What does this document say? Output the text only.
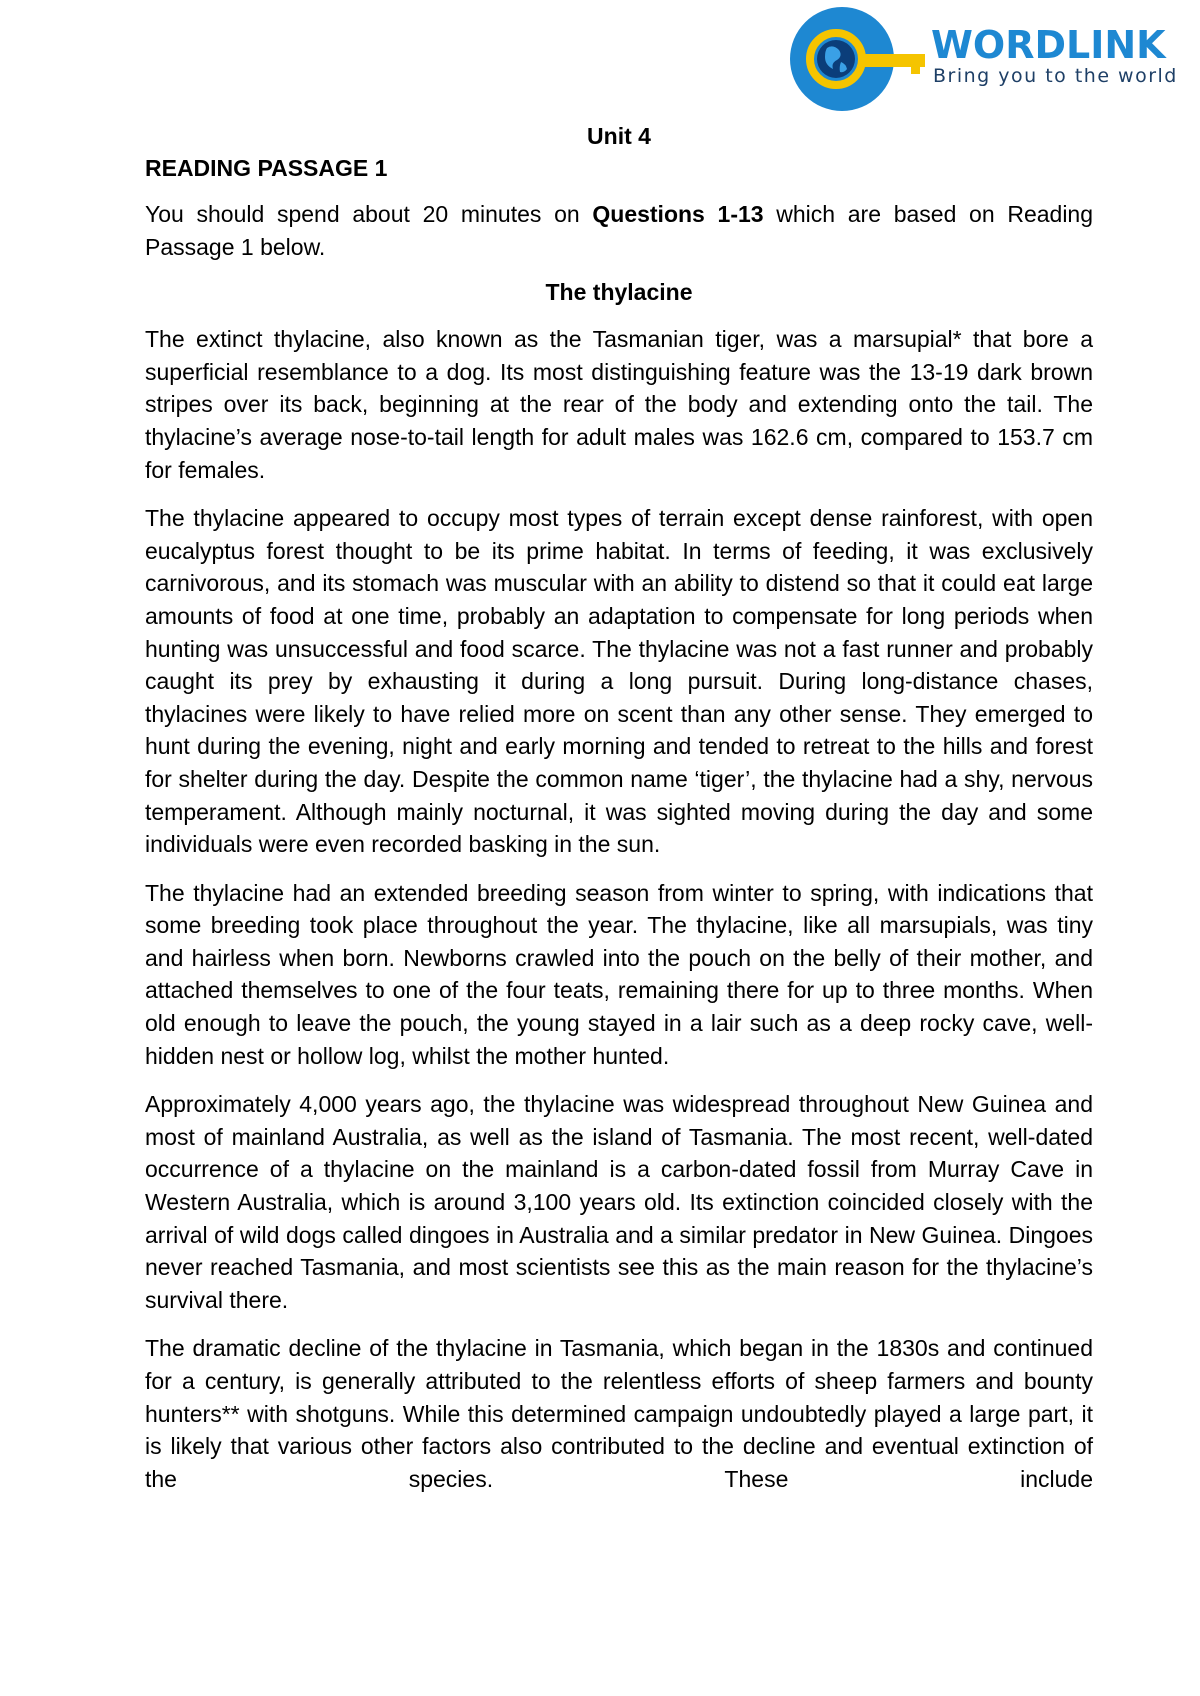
WORDLINK
Bring you to the world
Unit 4
READING PASSAGE 1

You should spend about 20 minutes on Questions 1-13 which are based on Reading Passage 1 below.

The thylacine

The extinct thylacine, also known as the Tasmanian tiger, was a marsupial* that bore a superficial resemblance to a dog. Its most distinguishing feature was the 13-19 dark brown stripes over its back, beginning at the rear of the body and extending onto the tail. The thylacine’s average nose-to-tail length for adult males was 162.6 cm, compared to 153.7 cm for females.

The thylacine appeared to occupy most types of terrain except dense rainforest, with open eucalyptus forest thought to be its prime habitat. In terms of feeding, it was exclusively carnivorous, and its stomach was muscular with an ability to distend so that it could eat large amounts of food at one time, probably an adaptation to compensate for long periods when hunting was unsuccessful and food scarce. The thylacine was not a fast runner and probably caught its prey by exhausting it during a long pursuit. During long-distance chases, thylacines were likely to have relied more on scent than any other sense. They emerged to hunt during the evening, night and early morning and tended to retreat to the hills and forest for shelter during the day. Despite the common name ‘tiger’, the thylacine had a shy, nervous temperament. Although mainly nocturnal, it was sighted moving during the day and some individuals were even recorded basking in the sun.

The thylacine had an extended breeding season from winter to spring, with indications that some breeding took place throughout the year. The thylacine, like all marsupials, was tiny and hairless when born. Newborns crawled into the pouch on the belly of their mother, and attached themselves to one of the four teats, remaining there for up to three months. When old enough to leave the pouch, the young stayed in a lair such as a deep rocky cave, well-hidden nest or hollow log, whilst the mother hunted.

Approximately 4,000 years ago, the thylacine was widespread throughout New Guinea and most of mainland Australia, as well as the island of Tasmania. The most recent, well-dated occurrence of a thylacine on the mainland is a carbon-dated fossil from Murray Cave in Western Australia, which is around 3,100 years old. Its extinction coincided closely with the arrival of wild dogs called dingoes in Australia and a similar predator in New Guinea. Dingoes never reached Tasmania, and most scientists see this as the main reason for the thylacine’s survival there.

The dramatic decline of the thylacine in Tasmania, which began in the 1830s and continued for a century, is generally attributed to the relentless efforts of sheep farmers and bounty hunters** with shotguns. While this determined campaign undoubtedly played a large part, it is likely that various other factors also contributed to the decline and eventual extinction of the species. These include
